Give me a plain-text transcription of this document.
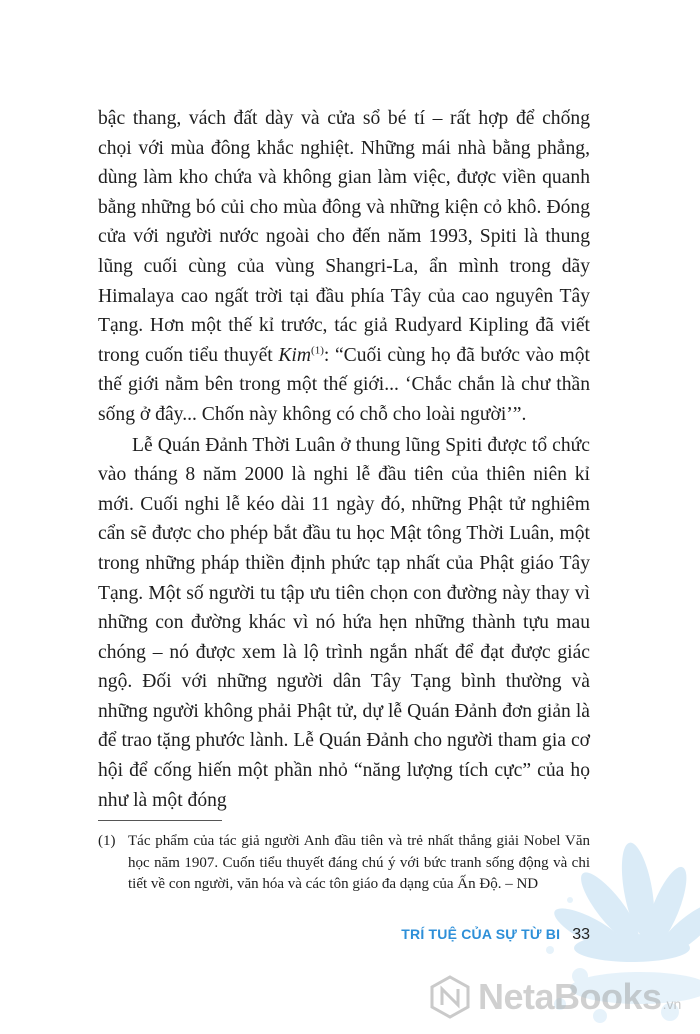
bậc thang, vách đất dày và cửa sổ bé tí – rất hợp để chống chọi với mùa đông khắc nghiệt. Những mái nhà bằng phẳng, dùng làm kho chứa và không gian làm việc, được viền quanh bằng những bó củi cho mùa đông và những kiện cỏ khô. Đóng cửa với người nước ngoài cho đến năm 1993, Spiti là thung lũng cuối cùng của vùng Shangri-La, ẩn mình trong dãy Himalaya cao ngất trời tại đầu phía Tây của cao nguyên Tây Tạng. Hơn một thế kỉ trước, tác giả Rudyard Kipling đã viết trong cuốn tiểu thuyết Kim$^{(1)}$: “Cuối cùng họ đã bước vào một thế giới nằm bên trong một thế giới... ‘Chắc chắn là chư thần sống ở đây... Chốn này không có chỗ cho loài người’”.

Lễ Quán Đảnh Thời Luân ở thung lũng Spiti được tổ chức vào tháng 8 năm 2000 là nghi lễ đầu tiên của thiên niên kỉ mới. Cuối nghi lễ kéo dài 11 ngày đó, những Phật tử nghiêm cẩn sẽ được cho phép bắt đầu tu học Mật tông Thời Luân, một trong những pháp thiền định phức tạp nhất của Phật giáo Tây Tạng. Một số người tu tập ưu tiên chọn con đường này thay vì những con đường khác vì nó hứa hẹn những thành tựu mau chóng – nó được xem là lộ trình ngắn nhất để đạt được giác ngộ. Đối với những người dân Tây Tạng bình thường và những người không phải Phật tử, dự lễ Quán Đảnh đơn giản là để trao tặng phước lành. Lễ Quán Đảnh cho người tham gia cơ hội để cống hiến một phần nhỏ “năng lượng tích cực” của họ như là một đóng

(1) Tác phẩm của tác giả người Anh đầu tiên và trẻ nhất thắng giải Nobel Văn học năm 1907. Cuốn tiểu thuyết đáng chú ý với bức tranh sống động và chi tiết về con người, văn hóa và các tôn giáo đa dạng của Ấn Độ. – ND
TRÍ TUỆ CỦA SỰ TỪ BI 33
NetaBooks .vn
